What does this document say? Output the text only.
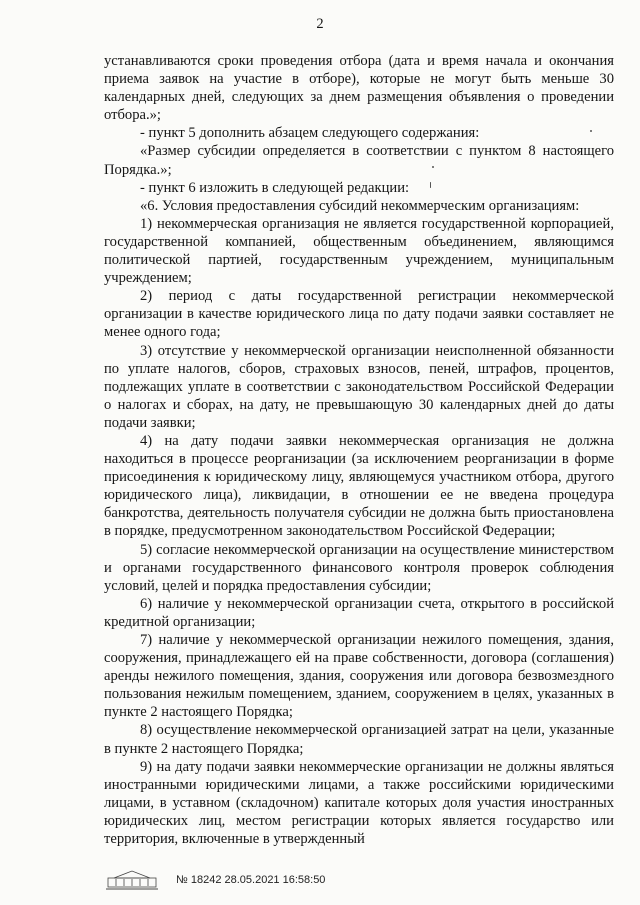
2

устанавливаются сроки проведения отбора (дата и время начала и окончания приема заявок на участие в отборе), которые не могут быть меньше 30 календарных дней, следующих за днем размещения объявления о проведении отбора.»;

- пункт 5 дополнить абзацем следующего содержания:

«Размер субсидии определяется в соответствии с пунктом 8 настоящего Порядка.»;

- пункт 6 изложить в следующей редакции:

«6. Условия предоставления субсидий некоммерческим организациям:

1) некоммерческая организация не является государственной корпорацией, государственной компанией, общественным объединением, являющимся политической партией, государственным учреждением, муниципальным учреждением;

2) период с даты государственной регистрации некоммерческой организации в качестве юридического лица по дату подачи заявки составляет не менее одного года;

3) отсутствие у некоммерческой организации неисполненной обязанности по уплате налогов, сборов, страховых взносов, пеней, штрафов, процентов, подлежащих уплате в соответствии с законодательством Российской Федерации о налогах и сборах, на дату, не превышающую 30 календарных дней до даты подачи заявки;

4) на дату подачи заявки некоммерческая организация не должна находиться в процессе реорганизации (за исключением реорганизации в форме присоединения к юридическому лицу, являющемуся участником отбора, другого юридического лица), ликвидации, в отношении ее не введена процедура банкротства, деятельность получателя субсидии не должна быть приостановлена в порядке, предусмотренном законодательством Российской Федерации;

5) согласие некоммерческой организации на осуществление министерством и органами государственного финансового контроля проверок соблюдения условий, целей и порядка предоставления субсидии;

6) наличие у некоммерческой организации счета, открытого в российской кредитной организации;

7) наличие у некоммерческой организации нежилого помещения, здания, сооружения, принадлежащего ей на праве собственности, договора (соглашения) аренды нежилого помещения, здания, сооружения или договора безвозмездного пользования нежилым помещением, зданием, сооружением в целях, указанных в пункте 2 настоящего Порядка;

8) осуществление некоммерческой организацией затрат на цели, указанные в пункте 2 настоящего Порядка;

9) на дату подачи заявки некоммерческие организации не должны являться иностранными юридическими лицами, а также российскими юридическими лицами, в уставном (складочном) капитале которых доля участия иностранных юридических лиц, местом регистрации которых является государство или территория, включенные в утвержденный

№ 18242 28.05.2021 16:58:50
